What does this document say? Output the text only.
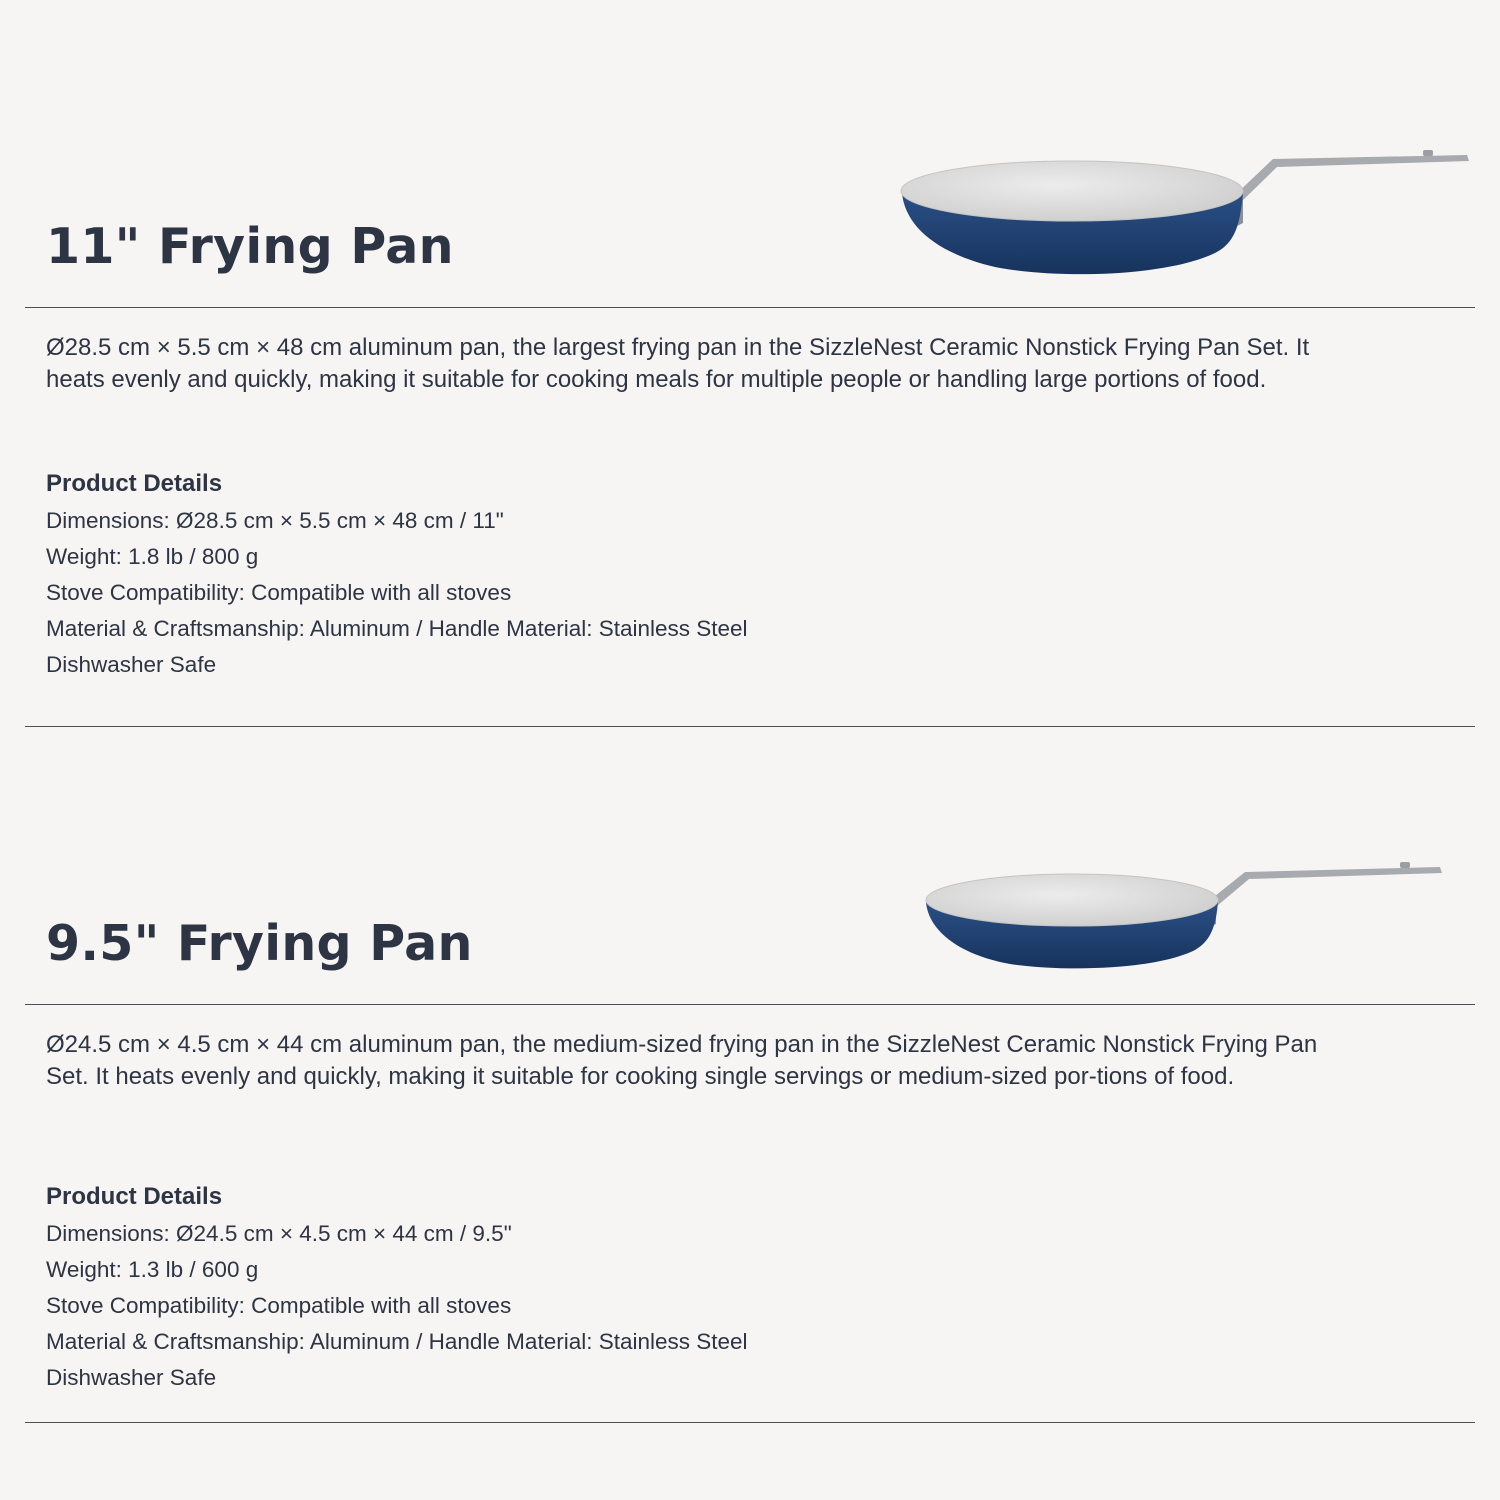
11" Frying Pan

Ø28.5 cm × 5.5 cm × 48 cm aluminum pan, the largest frying pan in the SizzleNest Ceramic Nonstick Frying Pan Set. It heats evenly and quickly, making it suitable for cooking meals for multiple people or handling large portions of food.

Product Details
Dimensions: Ø28.5 cm × 5.5 cm × 48 cm / 11"
Weight: 1.8 lb / 800 g
Stove Compatibility: Compatible with all stoves
Material & Craftsmanship: Aluminum / Handle Material: Stainless Steel
Dishwasher Safe
9.5" Frying Pan

Ø24.5 cm × 4.5 cm × 44 cm aluminum pan, the medium-sized frying pan in the SizzleNest Ceramic Nonstick Frying Pan Set. It heats evenly and quickly, making it suitable for cooking single servings or medium-sized por-tions of food.

Product Details
Dimensions: Ø24.5 cm × 4.5 cm × 44 cm / 9.5"
Weight: 1.3 lb / 600 g
Stove Compatibility: Compatible with all stoves
Material & Craftsmanship: Aluminum / Handle Material: Stainless Steel
Dishwasher Safe
